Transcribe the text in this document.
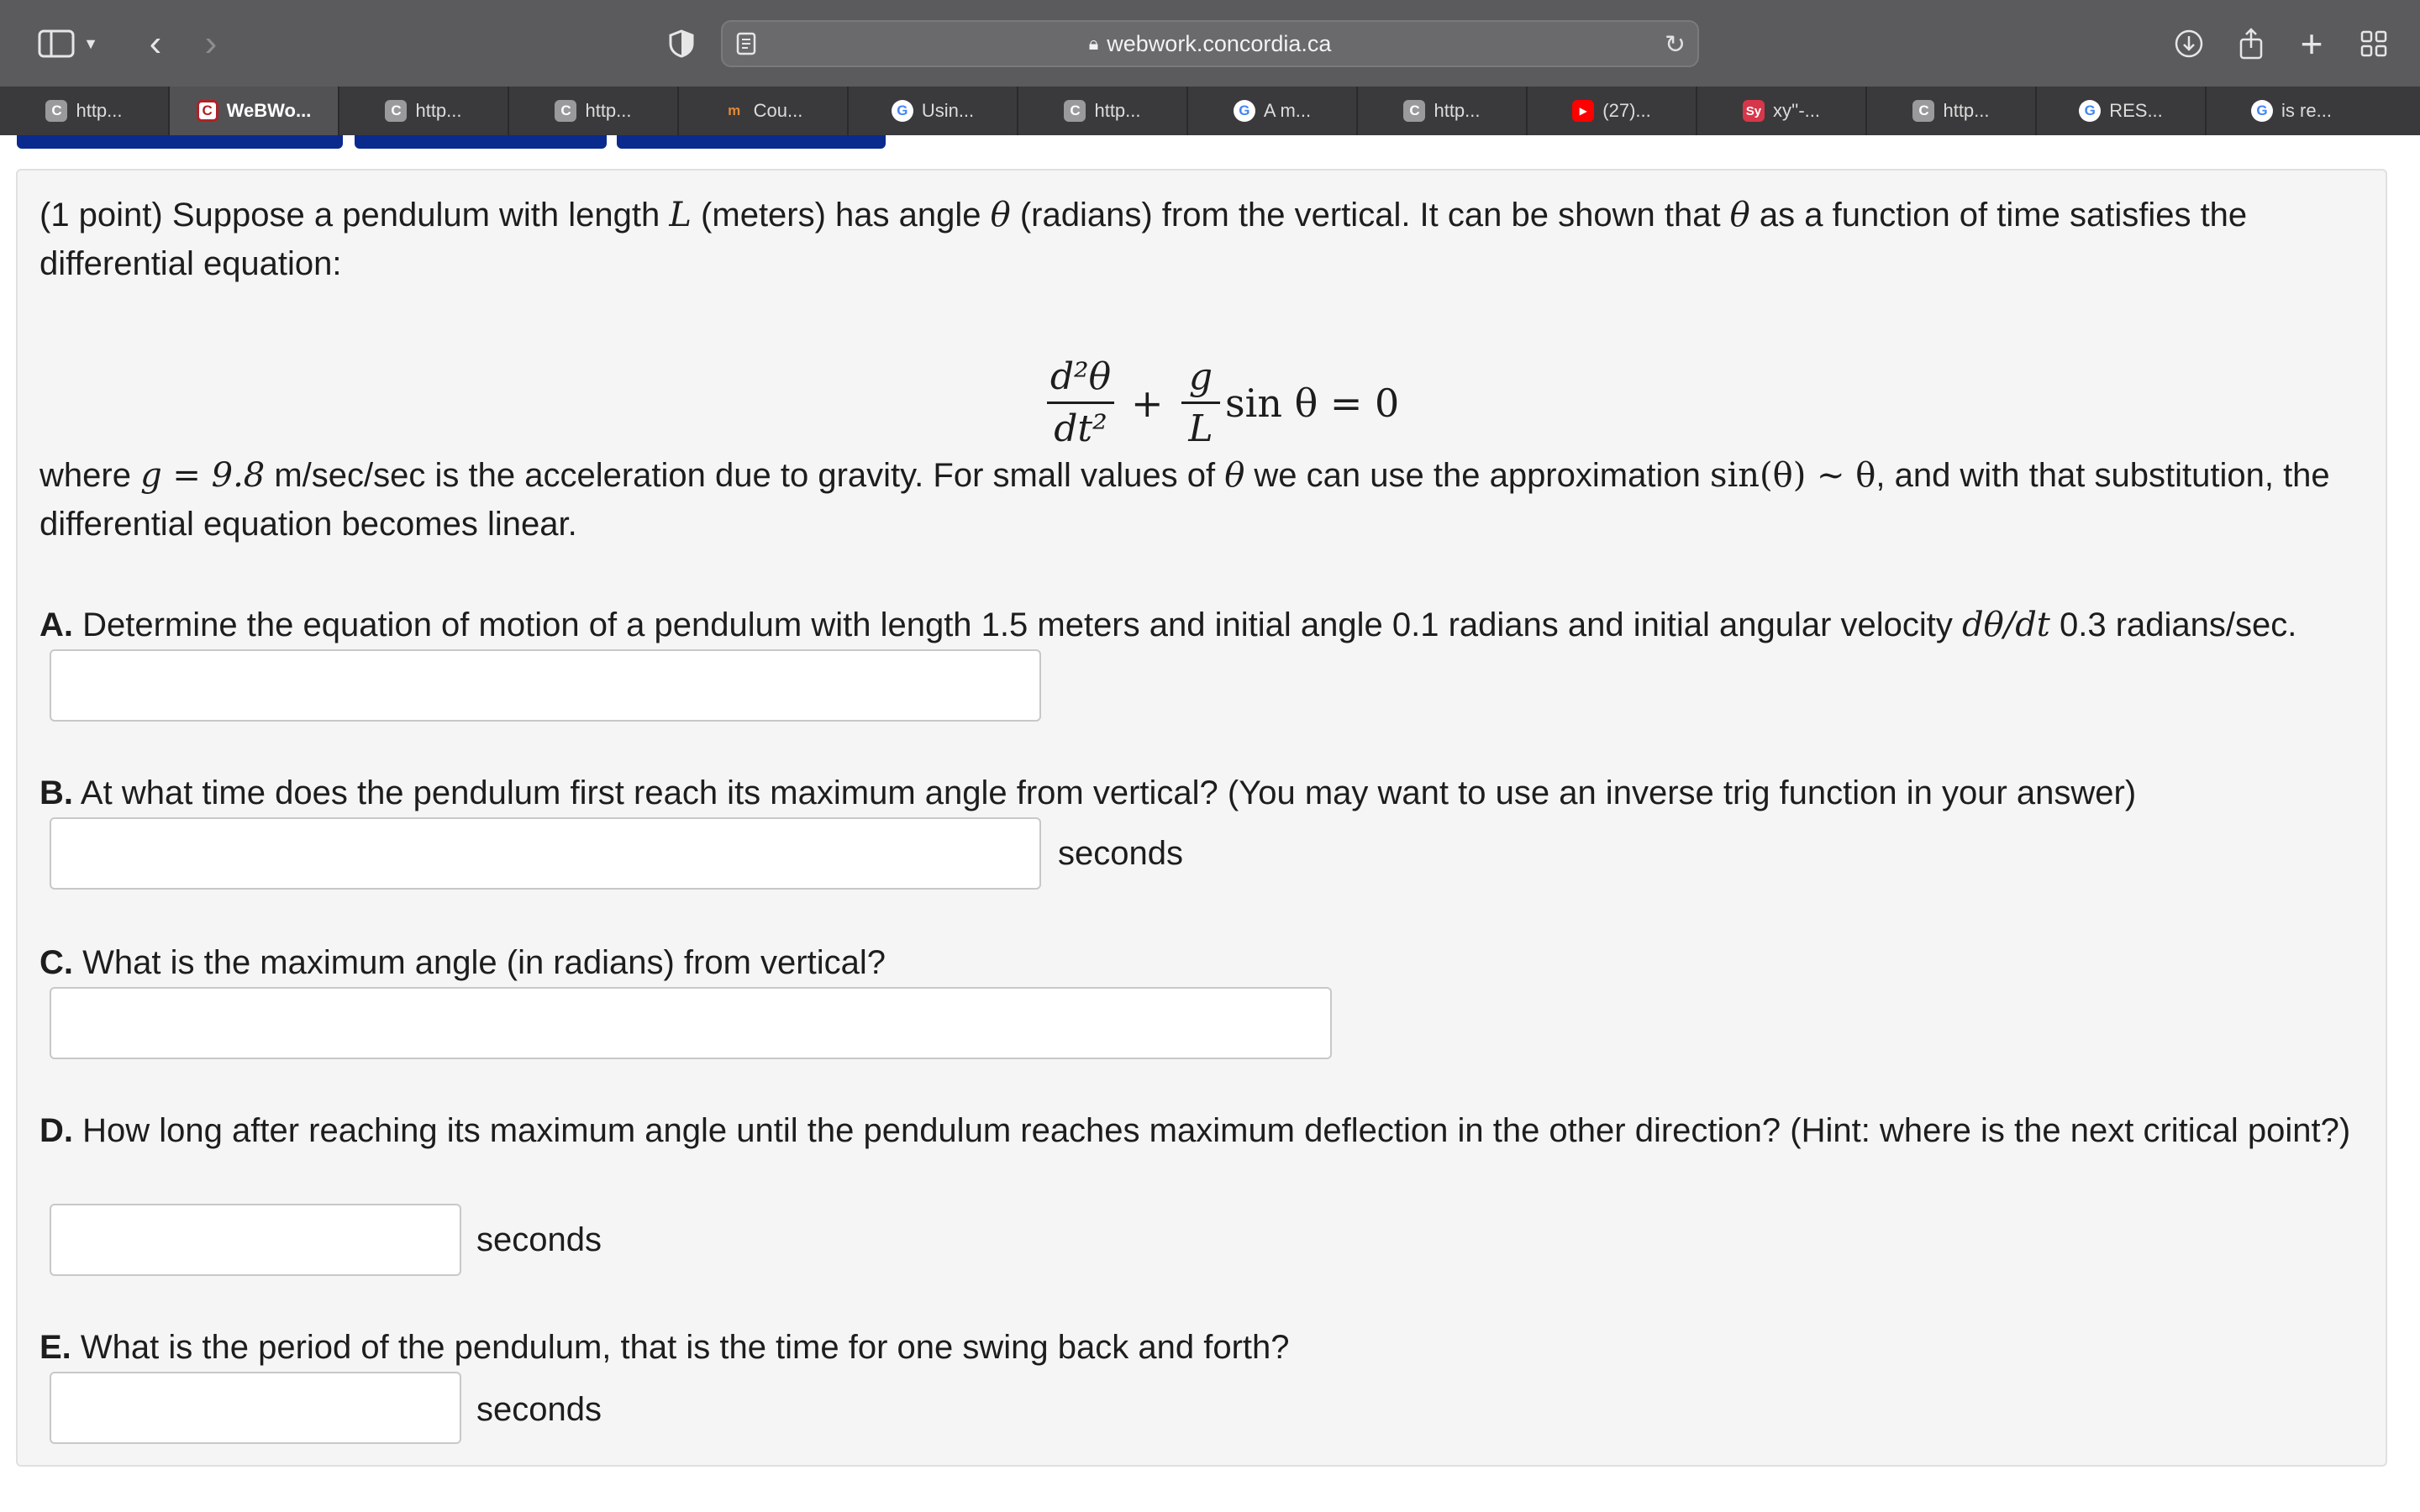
▼ ‹ ›	🔒︎ webwork.concordia.ca	↻	+
C http...	C WeBWo...	C http...	C http...	m Cou...	G Usin...	C http...	G A m...	C http...	▶ (27)...	Sy xy''-...	C http...	G RES...	G is re...
(1 point) Suppose a pendulum with length L (meters) has angle θ (radians) from the vertical. It can be shown that θ as a function of time satisfies the differential equation:
d²θ
dt²
+
g
L
sin θ = 0
where g = 9.8 m/sec/sec is the acceleration due to gravity. For small values of θ we can use the approximation sin(θ) ~ θ, and with that substitution, the differential equation becomes linear.
A. Determine the equation of motion of a pendulum with length 1.5 meters and initial angle 0.1 radians and initial angular velocity dθ/dt 0.3 radians/sec.
B. At what time does the pendulum first reach its maximum angle from vertical? (You may want to use an inverse trig function in your answer)
seconds
C. What is the maximum angle (in radians) from vertical?
D. How long after reaching its maximum angle until the pendulum reaches maximum deflection in the other direction? (Hint: where is the next critical point?)
seconds
E. What is the period of the pendulum, that is the time for one swing back and forth?
seconds
